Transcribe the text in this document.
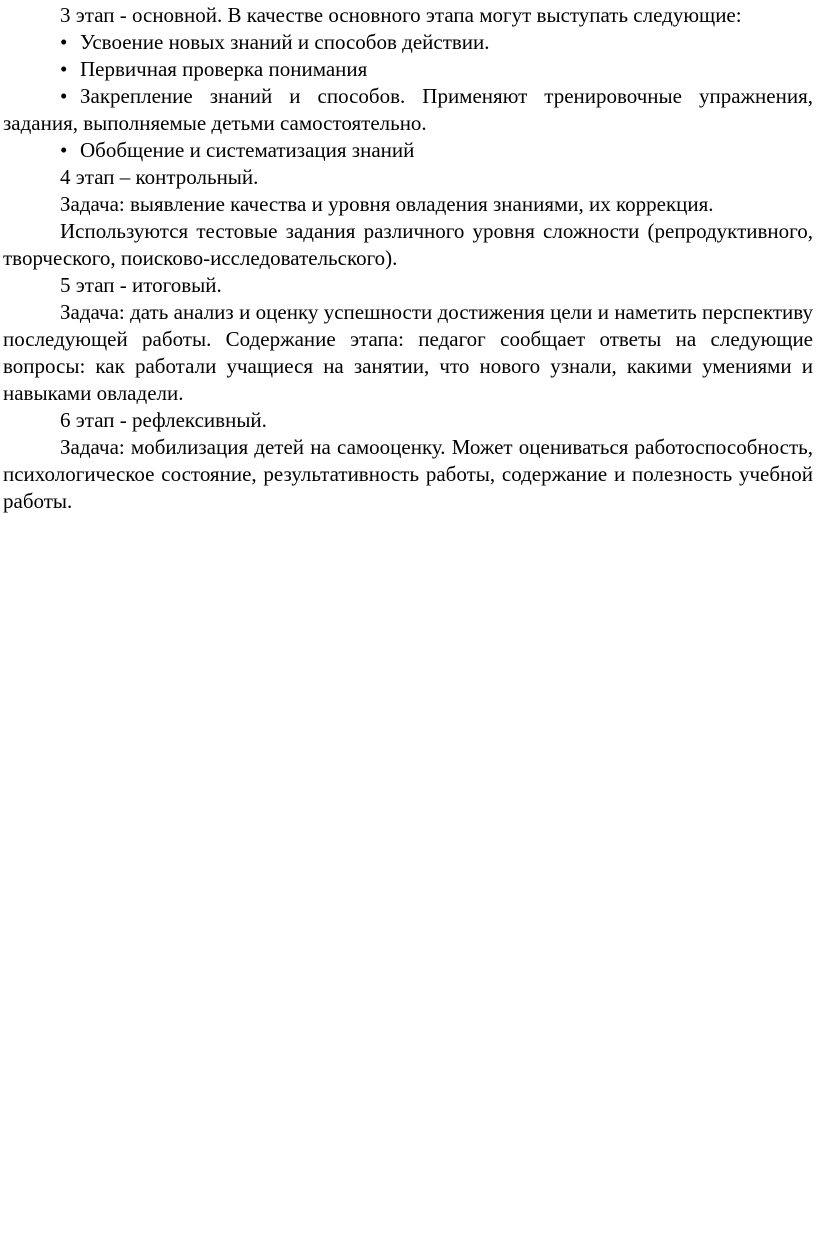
3 этап - основной. В качестве основного этапа могут выступать следующие:

• Усвоение новых знаний и способов действии.

• Первичная проверка понимания

• Закрепление знаний и способов. Применяют тренировочные упражнения, задания, выполняемые детьми самостоятельно.

• Обобщение и систематизация знаний

4 этап – контрольный.

Задача: выявление качества и уровня овладения знаниями, их коррекция.

Используются тестовые задания различного уровня сложности (репродуктивного, творческого, поисково-исследовательского).

5 этап - итоговый.

Задача: дать анализ и оценку успешности достижения цели и наметить перспективу последующей работы. Содержание этапа: педагог сообщает ответы на следующие вопросы: как работали учащиеся на занятии, что нового узнали, какими умениями и навыками овладели.

6 этап - рефлексивный.

Задача: мобилизация детей на самооценку. Может оцениваться работоспособность, психологическое состояние, результативность работы, содержание и полезность учебной работы.
